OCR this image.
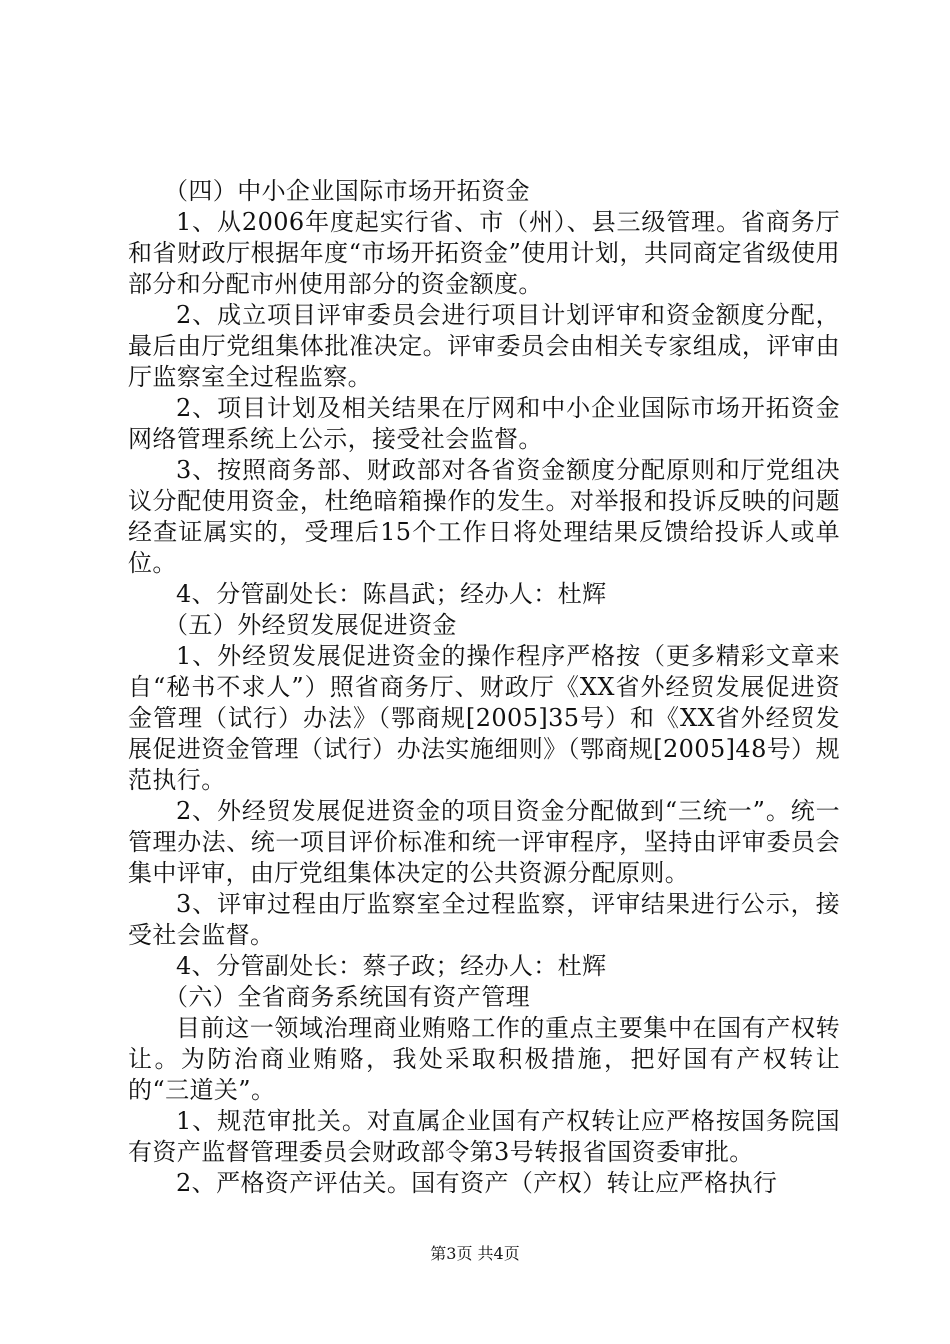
（四）中小企业国际市场开拓资金

1、从2006年度起实行省、市（州）、县三级管理。省商务厅和省财政厅根据年度“市场开拓资金”使用计划，共同商定省级使用部分和分配市州使用部分的资金额度。

2、成立项目评审委员会进行项目计划评审和资金额度分配，最后由厅党组集体批准决定。评审委员会由相关专家组成，评审由厅监察室全过程监察。

2、项目计划及相关结果在厅网和中小企业国际市场开拓资金网络管理系统上公示，接受社会监督。

3、按照商务部、财政部对各省资金额度分配原则和厅党组决议分配使用资金，杜绝暗箱操作的发生。对举报和投诉反映的问题经查证属实的，受理后15个工作日将处理结果反馈给投诉人或单位。

4、分管副处长：陈昌武；经办人：杜辉

（五）外经贸发展促进资金

1、外经贸发展促进资金的操作程序严格按（更多精彩文章来自“秘书不求人”）照省商务厅、财政厅《XX省外经贸发展促进资金管理（试行）办法》（鄂商规[2005]35号）和《XX省外经贸发展促进资金管理（试行）办法实施细则》（鄂商规[2005]48号）规范执行。

2、外经贸发展促进资金的项目资金分配做到“三统一”。统一管理办法、统一项目评价标准和统一评审程序，坚持由评审委员会集中评审，由厅党组集体决定的公共资源分配原则。

3、评审过程由厅监察室全过程监察，评审结果进行公示，接受社会监督。

4、分管副处长：蔡子政；经办人：杜辉

（六）全省商务系统国有资产管理

目前这一领域治理商业贿赂工作的重点主要集中在国有产权转让。为防治商业贿赂，我处采取积极措施，把好国有产权转让的“三道关”。

1、规范审批关。对直属企业国有产权转让应严格按国务院国有资产监督管理委员会财政部令第3号转报省国资委审批。

2、严格资产评估关。国有资产（产权）转让应严格执行

第3页 共4页
